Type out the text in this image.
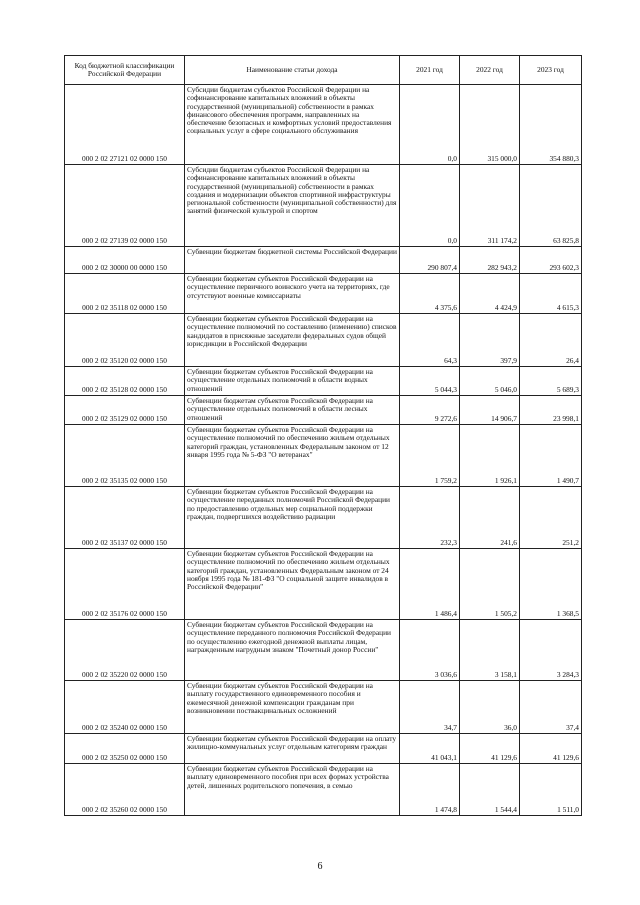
Код бюджетной классификации Российской Федерации	Наименование статьи дохода	2021 год	2022 год	2023 год
000 2 02 27121 02 0000 150	Субсидии бюджетам субъектов Российской Федерации на софинансирование капитальных вложений в объекты государственной (муниципальной) собственности в рамках финансового обеспечения программ, направленных на обеспечение безопасных и комфортных условий предоставления социальных услуг в сфере социального обслуживания	0,0	315 000,0	354 880,3
000 2 02 27139 02 0000 150	Субсидии бюджетам субъектов Российской Федерации на софинансирование капитальных вложений в объекты государственной (муниципальной) собственности в рамках создания и модернизации объектов спортивной инфраструктуры региональной собственности (муниципальной собственности) для занятий физической культурой и спортом	0,0	311 174,2	63 825,8
000 2 02 30000 00 0000 150	Субвенции бюджетам бюджетной системы Российской Федерации	290 807,4	282 943,2	293 602,3
000 2 02 35118 02 0000 150	Субвенции бюджетам субъектов Российской Федерации на осуществление первичного воинского учета на территориях, где отсутствуют военные комиссариаты	4 375,6	4 424,9	4 615,3
000 2 02 35120 02 0000 150	Субвенции бюджетам субъектов Российской Федерации на осуществление полномочий по составлению (изменению) списков кандидатов в присяжные заседатели федеральных судов общей юрисдикции в Российской Федерации	64,3	397,9	26,4
000 2 02 35128 02 0000 150	Субвенции бюджетам субъектов Российской Федерации на осуществление отдельных полномочий в области водных отношений	5 044,3	5 046,0	5 689,3
000 2 02 35129 02 0000 150	Субвенции бюджетам субъектов Российской Федерации на осуществление отдельных полномочий в области лесных отношений	9 272,6	14 906,7	23 998,1
000 2 02 35135 02 0000 150	Субвенции бюджетам субъектов Российской Федерации на осуществление полномочий по обеспечению жильем отдельных категорий граждан, установленных Федеральным законом от 12 января 1995 года № 5-ФЗ "О ветеранах"	1 759,2	1 926,1	1 490,7
000 2 02 35137 02 0000 150	Субвенции бюджетам субъектов Российской Федерации на осуществление переданных полномочий Российской Федерации по предоставлению отдельных мер социальной поддержки граждан, подвергшихся воздействию радиации	232,3	241,6	251,2
000 2 02 35176 02 0000 150	Субвенции бюджетам субъектов Российской Федерации на осуществление полномочий по обеспечению жильем отдельных категорий граждан, установленных Федеральным законом от 24 ноября 1995 года № 181-ФЗ "О социальной защите инвалидов в Российской Федерации"	1 486,4	1 505,2	1 368,5
000 2 02 35220 02 0000 150	Субвенции бюджетам субъектов Российской Федерации на осуществление переданного полномочия Российской Федерации по осуществлению ежегодной денежной выплаты лицам, награжденным нагрудным знаком "Почетный донор России"	3 036,6	3 158,1	3 284,3
000 2 02 35240 02 0000 150	Субвенции бюджетам субъектов Российской Федерации на выплату государственного единовременного пособия и ежемесячной денежной компенсации гражданам при возникновении поствакцинальных осложнений	34,7	36,0	37,4
000 2 02 35250 02 0000 150	Субвенции бюджетам субъектов Российской Федерации на оплату жилищно-коммунальных услуг отдельным категориям граждан	41 043,1	41 129,6	41 129,6
000 2 02 35260 02 0000 150	Субвенции бюджетам субъектов Российской Федерации на выплату единовременного пособия при всех формах устройства детей, лишенных родительского попечения, в семью	1 474,8	1 544,4	1 511,0
6
